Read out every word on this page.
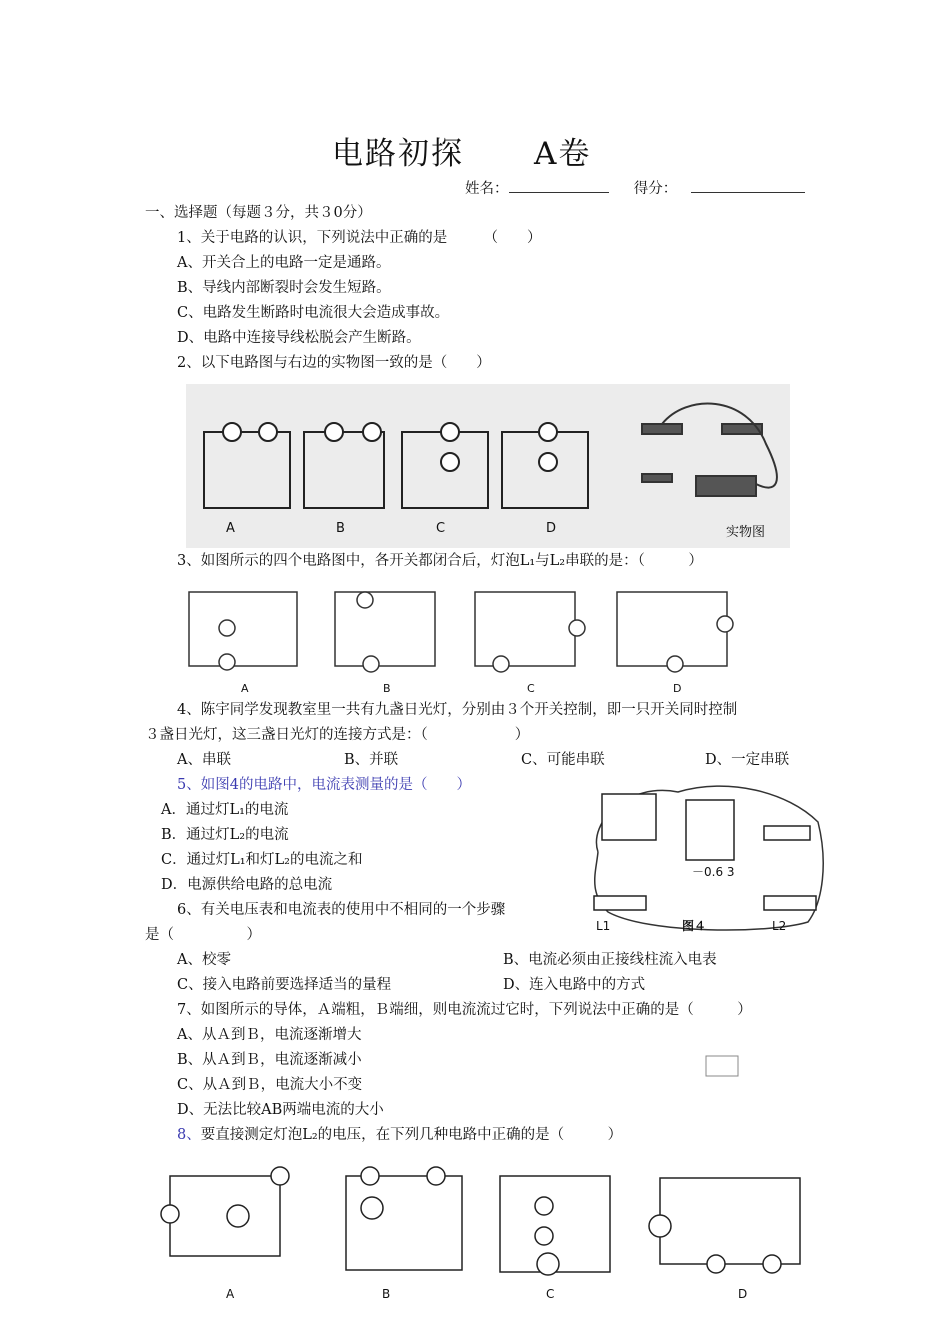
电路初探 A卷
姓名：	得分：
一、选择题（每题３分，共３0分）
1、关于电路的认识，下列说法中正确的是　　　（　　）
A、开关合上的电路一定是通路。
B、导线内部断裂时会发生短路。
C、电路发生断路时电流很大会造成事故。
D、电路中连接导线松脱会产生断路。
2、以下电路图与右边的实物图一致的是（　　）
A	B	C	D	实物图
3、如图所示的四个电路图中，各开关都闭合后，灯泡L₁与L₂串联的是：（　　　）
A	B	C	D
4、陈宇同学发现教室里一共有九盏日光灯，分别由３个开关控制，即一只开关同时控制
３盏日光灯，这三盏日光灯的连接方式是：（　　　　　　）
A、串联	B、并联	C、可能串联	D、一定串联
5、如图4的电路中，电流表测量的是（　　）
A．通过灯L₁的电流
B．通过灯L₂的电流
C．通过灯L₁和灯L₂的电流之和
D．电源供给电路的总电流
－0.6 3
图４
L1	L2
6、有关电压表和电流表的使用中不相同的一个步骤
是（　　　　　）
A、校零	B、电流必须由正接线柱流入电表
C、接入电路前要选择适当的量程	D、连入电路中的方式
7、如图所示的导体，Ａ端粗，Ｂ端细，则电流流过它时，下列说法中正确的是（　　　）
A、从Ａ到Ｂ，电流逐渐增大
B、从Ａ到Ｂ，电流逐渐减小
C、从Ａ到Ｂ，电流大小不变
D、无法比较AB两端电流的大小
8、要直接测定灯泡L₂的电压，在下列几种电路中正确的是（　　　）
A	B	C	D
